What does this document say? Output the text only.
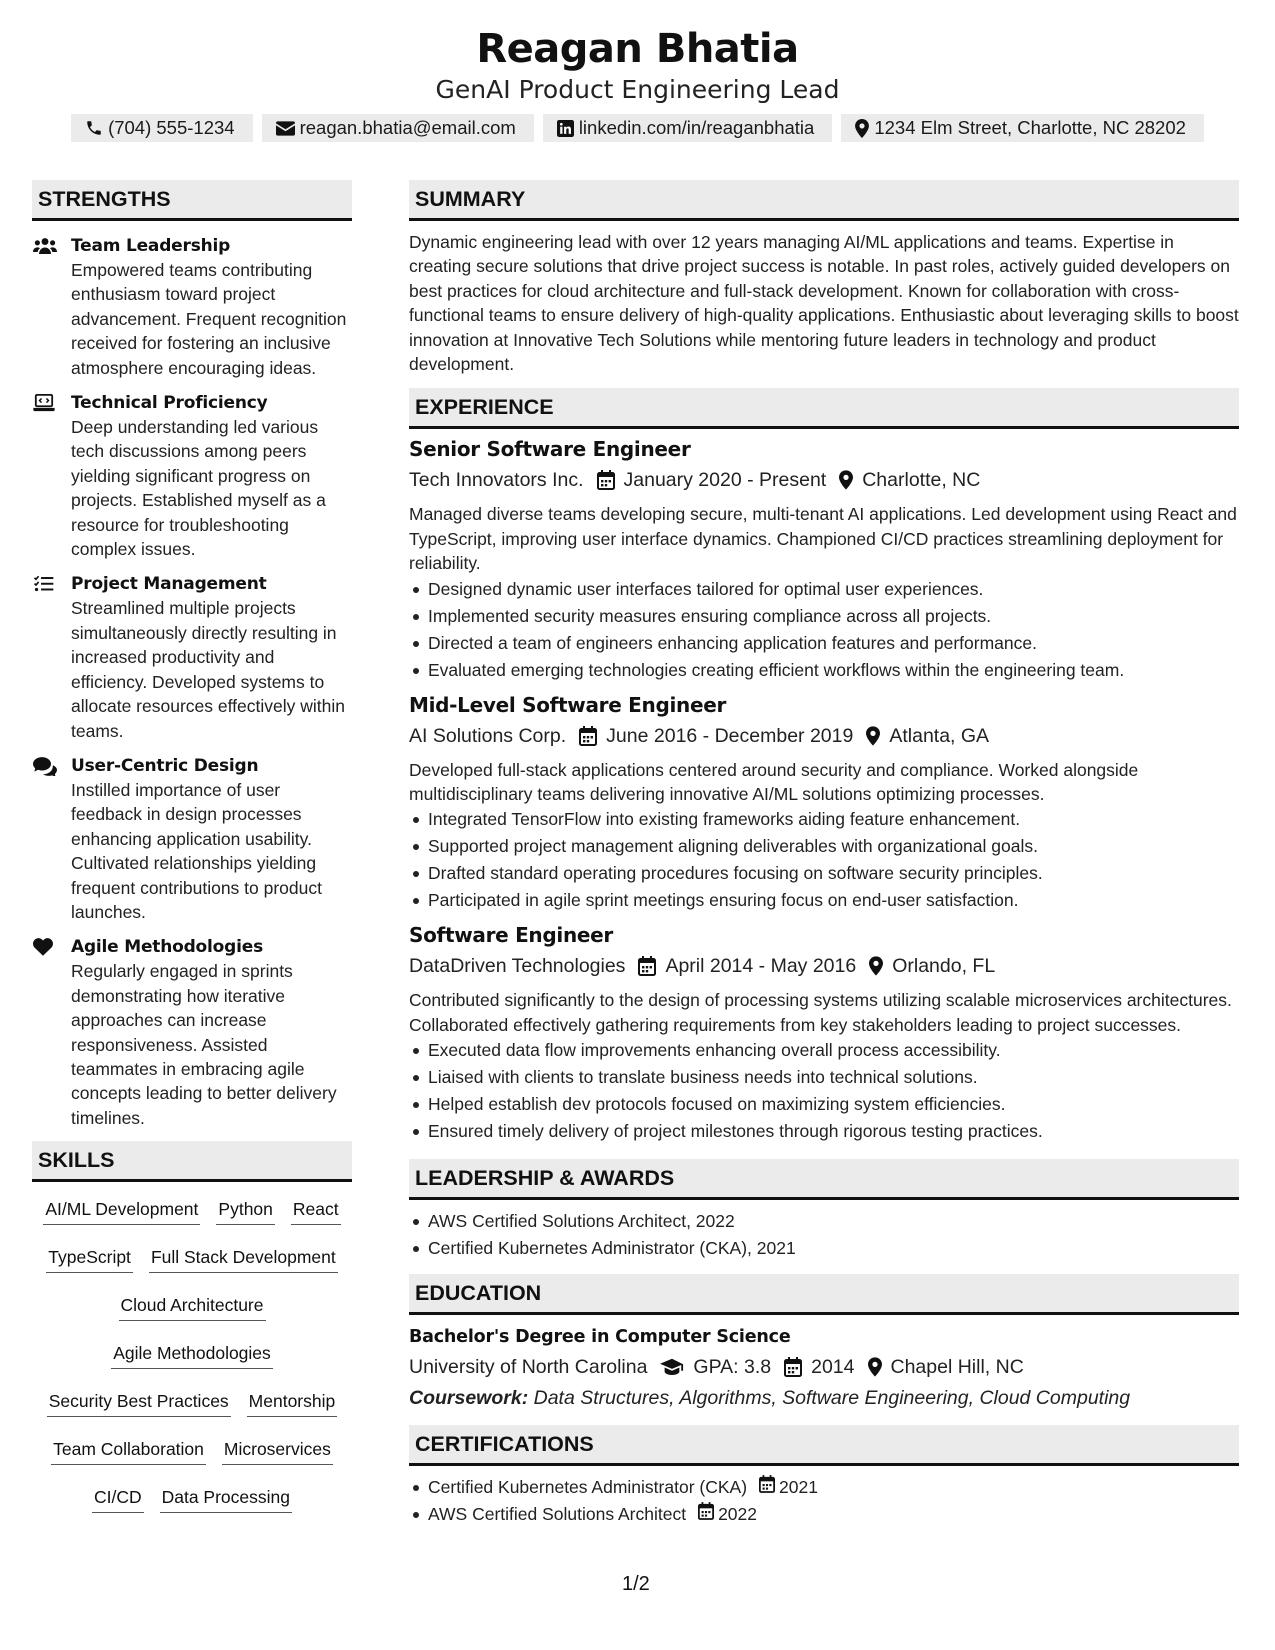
Reagan Bhatia
GenAI Product Engineering Lead
(704) 555-1234	reagan.bhatia@email.com	linkedin.com/in/reaganbhatia	1234 Elm Street, Charlotte, NC 28202
STRENGTHS
Team Leadership
Empowered teams contributing enthusiasm toward project advancement. Frequent recognition received for fostering an inclusive atmosphere encouraging ideas.
Technical Proficiency
Deep understanding led various tech discussions among peers yielding significant progress on projects. Established myself as a resource for troubleshooting complex issues.
Project Management
Streamlined multiple projects simultaneously directly resulting in increased productivity and efficiency. Developed systems to allocate resources effectively within teams.
User-Centric Design
Instilled importance of user feedback in design processes enhancing application usability. Cultivated relationships yielding frequent contributions to product launches.
Agile Methodologies
Regularly engaged in sprints demonstrating how iterative approaches can increase responsiveness. Assisted teammates in embracing agile concepts leading to better delivery timelines.
SKILLS
AI/ML Development Python React
TypeScript Full Stack Development
Cloud Architecture
Agile Methodologies
Security Best Practices Mentorship
Team Collaboration Microservices
CI/CD Data Processing
SUMMARY

Dynamic engineering lead with over 12 years managing AI/ML applications and teams. Expertise in creating secure solutions that drive project success is notable. In past roles, actively guided developers on best practices for cloud architecture and full-stack development. Known for collaboration with cross-functional teams to ensure delivery of high-quality applications. Enthusiastic about leveraging skills to boost innovation at Innovative Tech Solutions while mentoring future leaders in technology and product development.

EXPERIENCE
Senior Software Engineer
Tech Innovators Inc. January 2020 - Present Charlotte, NC

Managed diverse teams developing secure, multi-tenant AI applications. Led development using React and TypeScript, improving user interface dynamics. Championed CI/CD practices streamlining deployment for reliability.

Designed dynamic user interfaces tailored for optimal user experiences.
Implemented security measures ensuring compliance across all projects.
Directed a team of engineers enhancing application features and performance.
Evaluated emerging technologies creating efficient workflows within the engineering team.
Mid-Level Software Engineer
AI Solutions Corp. June 2016 - December 2019 Atlanta, GA

Developed full-stack applications centered around security and compliance. Worked alongside multidisciplinary teams delivering innovative AI/ML solutions optimizing processes.

Integrated TensorFlow into existing frameworks aiding feature enhancement.
Supported project management aligning deliverables with organizational goals.
Drafted standard operating procedures focusing on software security principles.
Participated in agile sprint meetings ensuring focus on end-user satisfaction.
Software Engineer
DataDriven Technologies April 2014 - May 2016 Orlando, FL

Contributed significantly to the design of processing systems utilizing scalable microservices architectures. Collaborated effectively gathering requirements from key stakeholders leading to project successes.

Executed data flow improvements enhancing overall process accessibility.
Liaised with clients to translate business needs into technical solutions.
Helped establish dev protocols focused on maximizing system efficiencies.
Ensured timely delivery of project milestones through rigorous testing practices.
LEADERSHIP & AWARDS
AWS Certified Solutions Architect, 2022
Certified Kubernetes Administrator (CKA), 2021
EDUCATION
Bachelor's Degree in Computer Science
University of North Carolina GPA: 3.8 2014 Chapel Hill, NC
Coursework: Data Structures, Algorithms, Software Engineering, Cloud Computing
CERTIFICATIONS
Certified Kubernetes Administrator (CKA) 2021
AWS Certified Solutions Architect 2022
1/2
